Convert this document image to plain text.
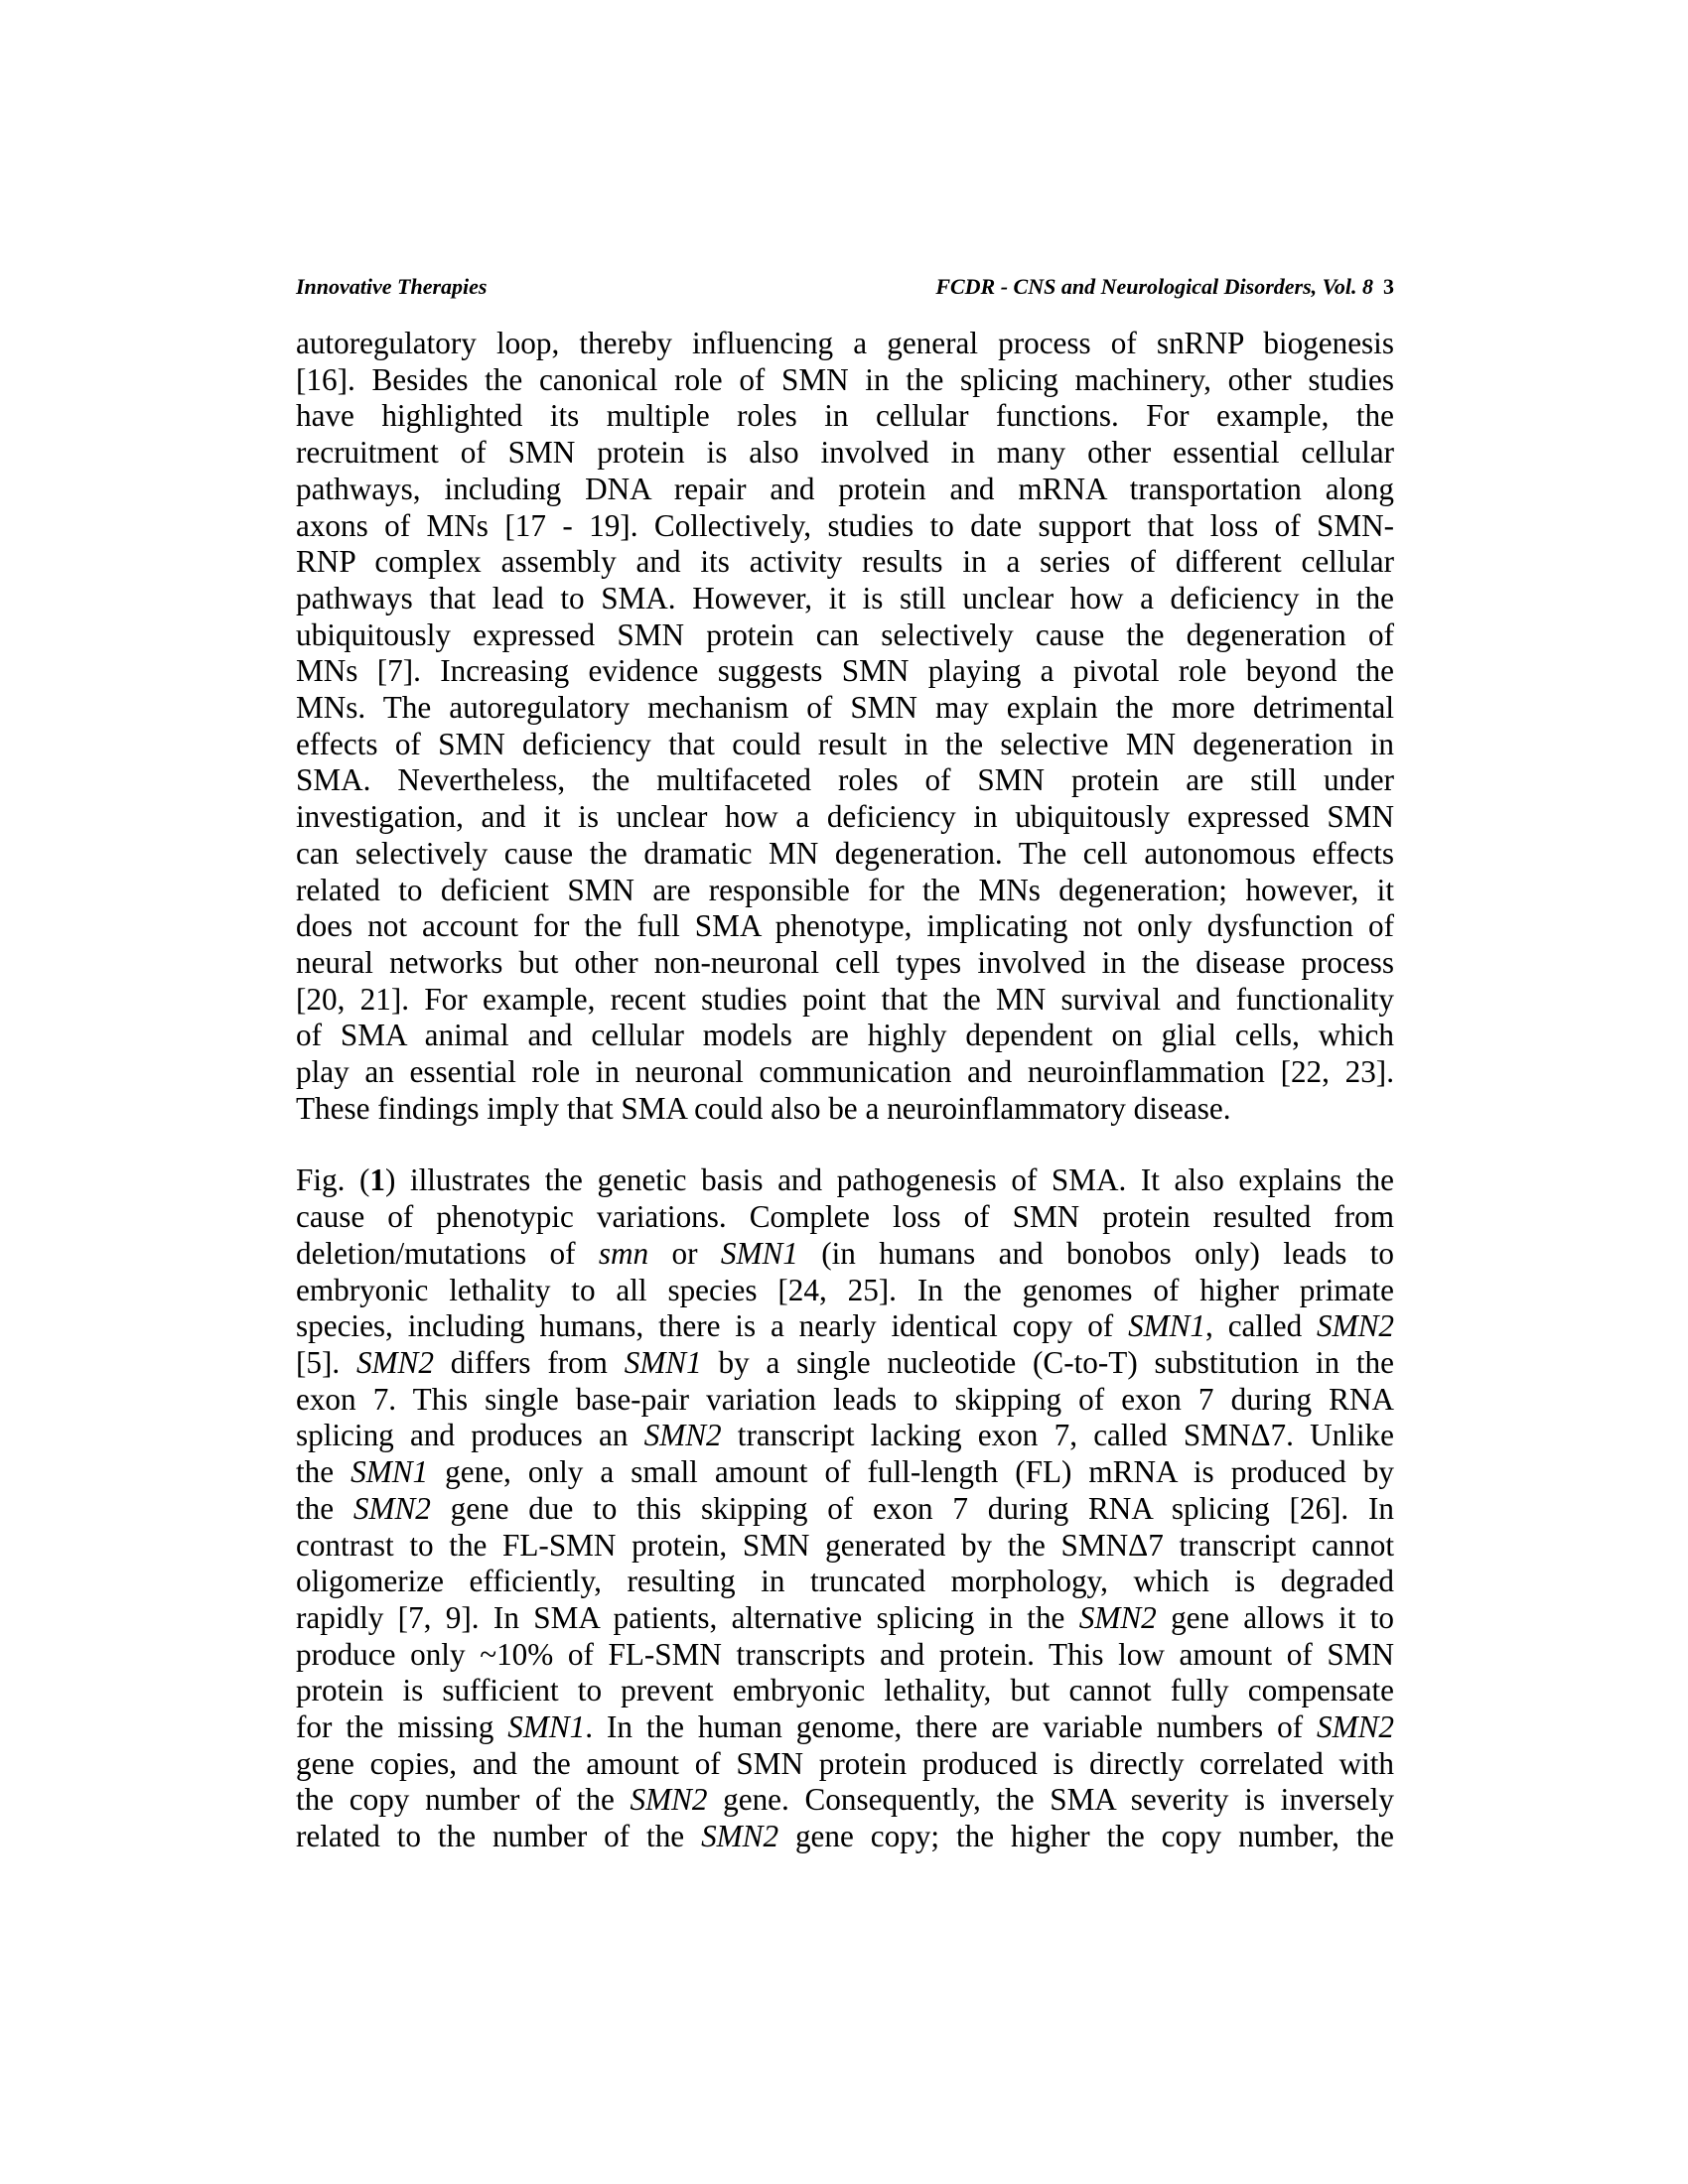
Innovative Therapies	FCDR - CNS and Neurological Disorders, Vol. 8 3
autoregulatory loop, thereby influencing a general process of snRNP biogenesis
[16]. Besides the canonical role of SMN in the splicing machinery, other studies
have highlighted its multiple roles in cellular functions. For example, the
recruitment of SMN protein is also involved in many other essential cellular
pathways, including DNA repair and protein and mRNA transportation along
axons of MNs [17 - 19]. Collectively, studies to date support that loss of SMN-
RNP complex assembly and its activity results in a series of different cellular
pathways that lead to SMA. However, it is still unclear how a deficiency in the
ubiquitously expressed SMN protein can selectively cause the degeneration of
MNs [7]. Increasing evidence suggests SMN playing a pivotal role beyond the
MNs. The autoregulatory mechanism of SMN may explain the more detrimental
effects of SMN deficiency that could result in the selective MN degeneration in
SMA. Nevertheless, the multifaceted roles of SMN protein are still under
investigation, and it is unclear how a deficiency in ubiquitously expressed SMN
can selectively cause the dramatic MN degeneration. The cell autonomous effects
related to deficient SMN are responsible for the MNs degeneration; however, it
does not account for the full SMA phenotype, implicating not only dysfunction of
neural networks but other non-neuronal cell types involved in the disease process
[20, 21]. For example, recent studies point that the MN survival and functionality
of SMA animal and cellular models are highly dependent on glial cells, which
play an essential role in neuronal communication and neuroinflammation [22, 23].
These findings imply that SMA could also be a neuroinflammatory disease.
Fig. (1) illustrates the genetic basis and pathogenesis of SMA. It also explains the
cause of phenotypic variations. Complete loss of SMN protein resulted from
deletion/mutations of smn or SMN1 (in humans and bonobos only) leads to
embryonic lethality to all species [24, 25]. In the genomes of higher primate
species, including humans, there is a nearly identical copy of SMN1, called SMN2
[5]. SMN2 differs from SMN1 by a single nucleotide (C-to-T) substitution in the
exon 7. This single base-pair variation leads to skipping of exon 7 during RNA
splicing and produces an SMN2 transcript lacking exon 7, called SMNΔ7. Unlike
the SMN1 gene, only a small amount of full-length (FL) mRNA is produced by
the SMN2 gene due to this skipping of exon 7 during RNA splicing [26]. In
contrast to the FL-SMN protein, SMN generated by the SMNΔ7 transcript cannot
oligomerize efficiently, resulting in truncated morphology, which is degraded
rapidly [7, 9]. In SMA patients, alternative splicing in the SMN2 gene allows it to
produce only ~10% of FL-SMN transcripts and protein. This low amount of SMN
protein is sufficient to prevent embryonic lethality, but cannot fully compensate
for the missing SMN1. In the human genome, there are variable numbers of SMN2
gene copies, and the amount of SMN protein produced is directly correlated with
the copy number of the SMN2 gene. Consequently, the SMA severity is inversely
related to the number of the SMN2 gene copy; the higher the copy number, the
